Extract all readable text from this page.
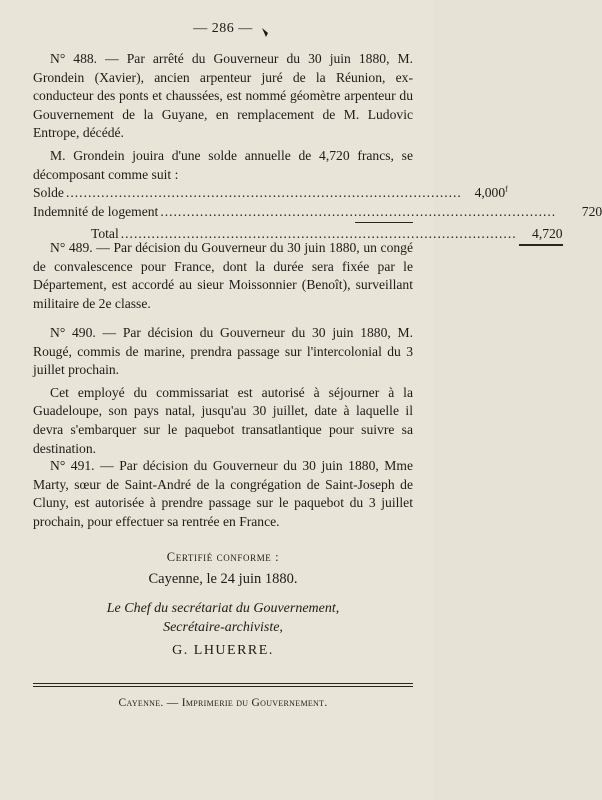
— 286 —

N° 488. — Par arrêté du Gouverneur du 30 juin 1880, M. Grondein (Xavier), ancien arpenteur juré de la Réunion, ex-conducteur des ponts et chaussées, est nommé géomètre arpenteur du Gouvernement de la Guyane, en remplacement de M. Ludovic Entrope, décédé.

M. Grondein jouira d'une solde annuelle de 4,720 francs, se décomposant comme suit :

Solde .......................................................................................... 4,000$^f$
Indemnité de logement ..........................................................................................	720
Total ..........................................................................................	4,720

N° 489. — Par décision du Gouverneur du 30 juin 1880, un congé de convalescence pour France, dont la durée sera fixée par le Département, est accordé au sieur Moissonnier (Benoît), surveillant militaire de 2e classe.

N° 490. — Par décision du Gouverneur du 30 juin 1880, M. Rougé, commis de marine, prendra passage sur l'intercolonial du 3 juillet prochain.

Cet employé du commissariat est autorisé à séjourner à la Guadeloupe, son pays natal, jusqu'au 30 juillet, date à laquelle il devra s'embarquer sur le paquebot transatlantique pour suivre sa destination.

N° 491. — Par décision du Gouverneur du 30 juin 1880, Mme Marty, sœur de Saint-André de la congrégation de Saint-Joseph de Cluny, est autorisée à prendre passage sur le paquebot du 3 juillet prochain, pour effectuer sa rentrée en France.

Certifié conforme :
Cayenne, le 24 juin 1880.
Le Chef du secrétariat du Gouvernement,
Secrétaire-archiviste,
G. LHUERRE.
Cayenne. — Imprimerie du Gouvernement.
